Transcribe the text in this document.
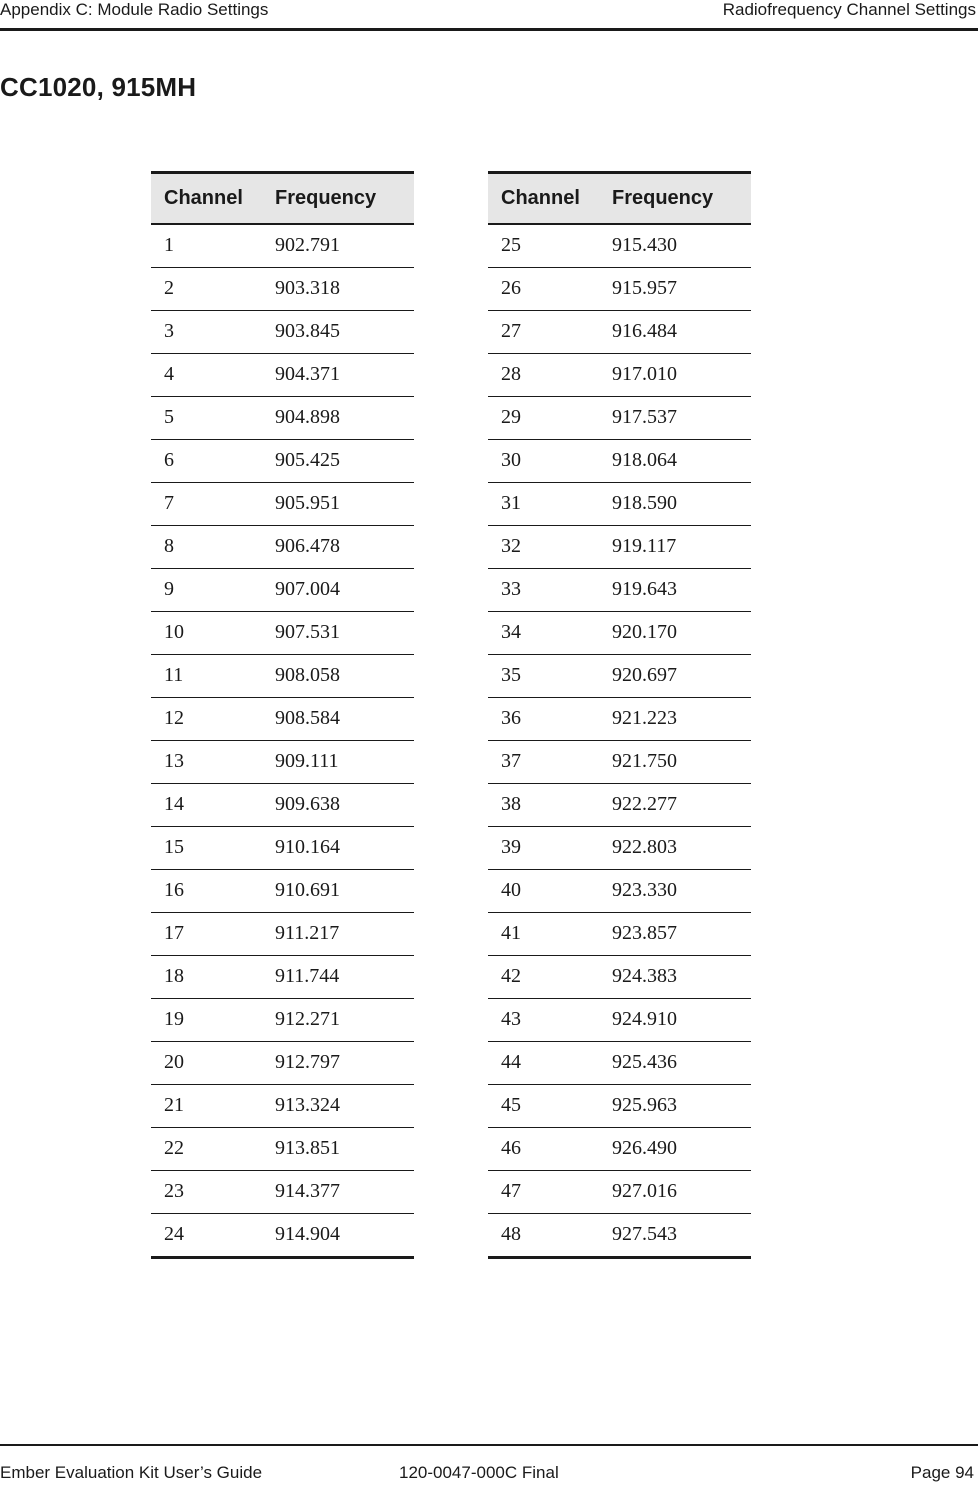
Appendix C: Module Radio Settings	Radiofrequency Channel Settings
CC1020, 915MH
Channel	Frequency
1	902.791
2	903.318
3	903.845
4	904.371
5	904.898
6	905.425
7	905.951
8	906.478
9	907.004
10	907.531
11	908.058
12	908.584
13	909.111
14	909.638
15	910.164
16	910.691
17	911.217
18	911.744
19	912.271
20	912.797
21	913.324
22	913.851
23	914.377
24	914.904
Channel	Frequency
25	915.430
26	915.957
27	916.484
28	917.010
29	917.537
30	918.064
31	918.590
32	919.117
33	919.643
34	920.170
35	920.697
36	921.223
37	921.750
38	922.277
39	922.803
40	923.330
41	923.857
42	924.383
43	924.910
44	925.436
45	925.963
46	926.490
47	927.016
48	927.543
Ember Evaluation Kit User’s Guide	120-0047-000C Final	Page 94
